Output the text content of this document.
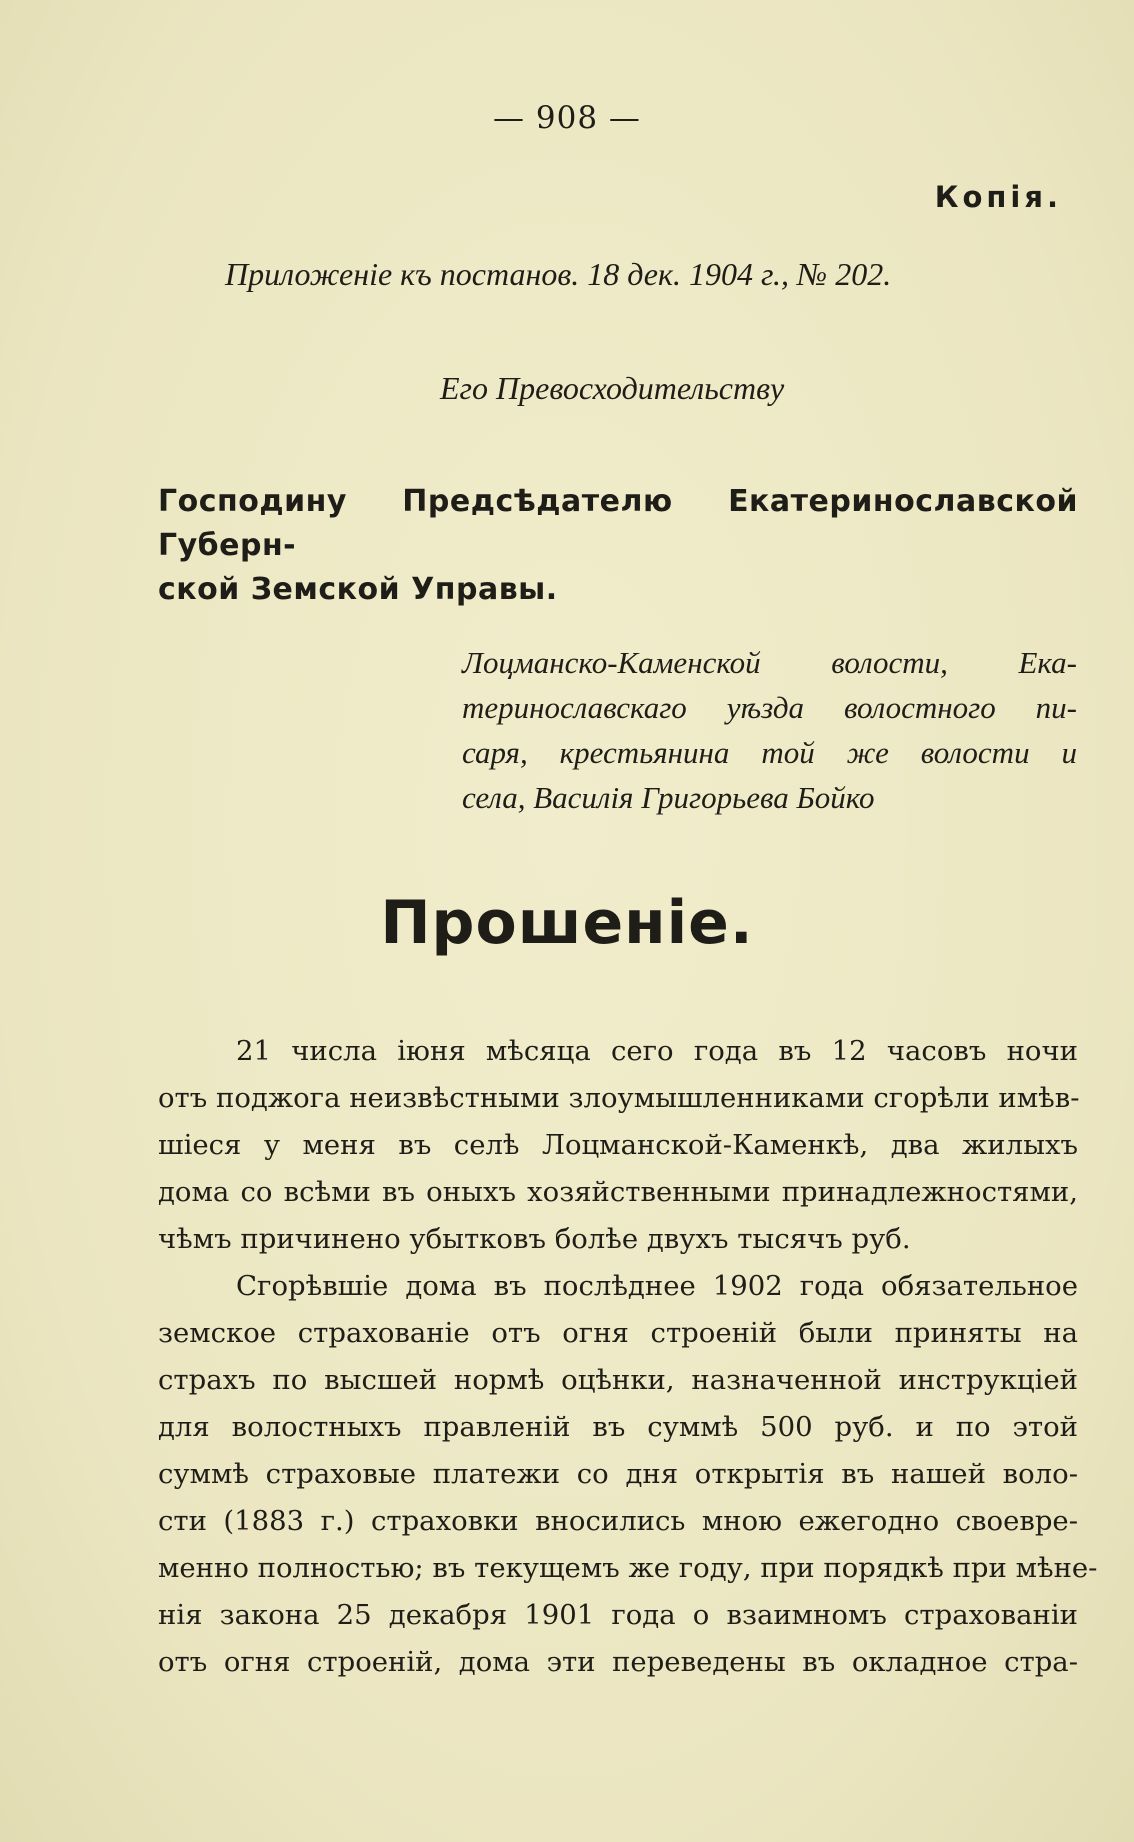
— 908 —
Копія.
Приложеніе къ постанов. 18 дек. 1904 г., № 202.
Его Превосходительству
Господину Предсѣдателю Екатеринославской Губерн-
ской Земской Управы.
Лоцманско-Каменской волости, Ека-
теринославскаго уѣзда волостного пи-
саря, крестьянина той же волости и
села, Василія Григорьева Бойко
Прошеніе.
21 числа іюня мѣсяца сего года въ 12 часовъ ночи
отъ поджога неизвѣстными злоумышленниками сгорѣли имѣв-
шіеся у меня въ селѣ Лоцманской-Каменкѣ, два жилыхъ
дома со всѣми въ оныхъ хозяйственными принадлежностями,
чѣмъ причинено убытковъ болѣе двухъ тысячъ руб.
Сгорѣвшіе дома въ послѣднее 1902 года обязательное
земское страхованіе отъ огня строеній были приняты на
страхъ по высшей нормѣ оцѣнки, назначенной инструкціей
для волостныхъ правленій въ суммѣ 500 руб. и по этой
суммѣ страховые платежи со дня открытія въ нашей воло-
сти (1883 г.) страховки вносились мною ежегодно своевре-
менно полностью; въ текущемъ же году, при порядкѣ при мѣне-
нія закона 25 декабря 1901 года о взаимномъ страхованіи
отъ огня строеній, дома эти переведены въ окладное стра-
